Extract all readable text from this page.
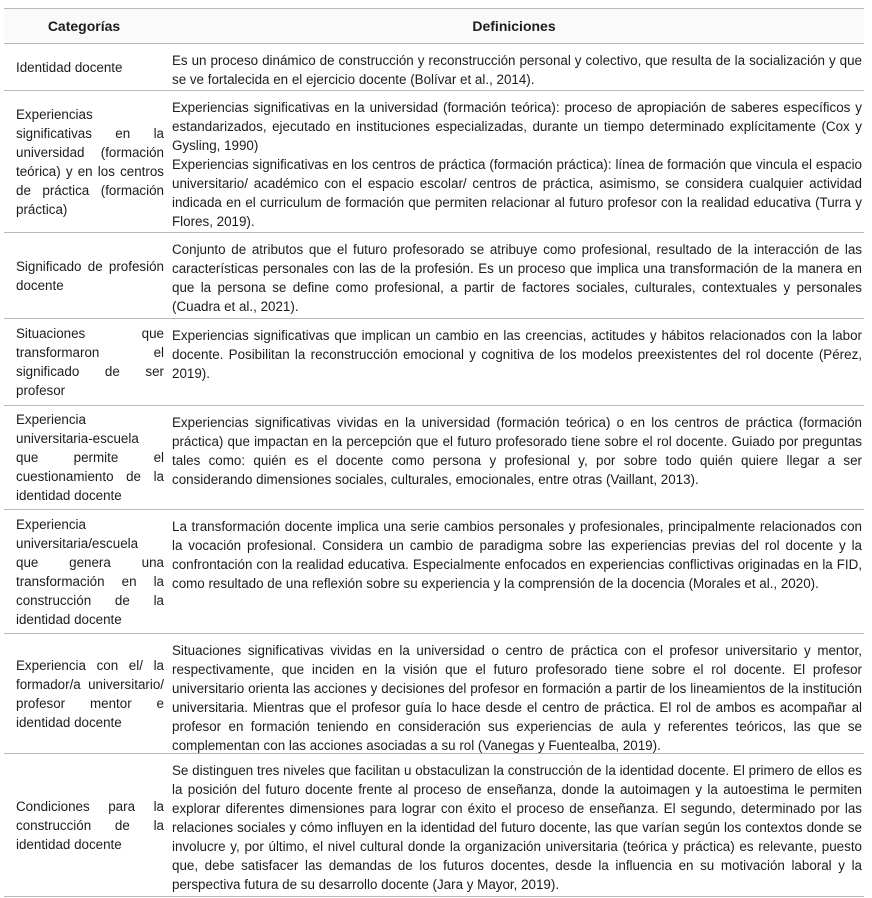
Categorías	Definiciones
Identidad docente	Es un proceso dinámico de construcción y reconstrucción personal y colectivo, que resulta de la socialización y que se ve fortalecida en el ejercicio docente (Bolívar et al., 2014).

Experiencias significativas en la universidad (formación teórica) y en los centros de práctica (formación práctica)

Experiencias significativas en la universidad (formación teórica): proceso de apropiación de saberes específicos y estandarizados, ejecutado en instituciones especializadas, durante un tiempo determinado explícitamente (Cox y Gysling, 1990)

Experiencias significativas en los centros de práctica (formación práctica): línea de formación que vincula el espacio universitario/ académico con el espacio escolar/ centros de práctica, asimismo, se considera cualquier actividad indicada en el curriculum de formación que permiten relacionar al futuro profesor con la realidad educativa (Turra y Flores, 2019).

Significado de profesión docente

Conjunto de atributos que el futuro profesorado se atribuye como profesional, resultado de la interacción de las características personales con las de la profesión. Es un proceso que implica una transformación de la manera en que la persona se define como profesional, a partir de factores sociales, culturales, contextuales y personales (Cuadra et al., 2021).

Situaciones que transformaron el significado de ser profesor

Experiencias significativas que implican un cambio en las creencias, actitudes y hábitos relacionados con la labor docente. Posibilitan la reconstrucción emocional y cognitiva de los modelos preexistentes del rol docente (Pérez, 2019).

Experiencia universitaria-escuela que permite el cuestionamiento de la identidad docente

Experiencias significativas vividas en la universidad (formación teórica) o en los centros de práctica (formación práctica) que impactan en la percepción que el futuro profesorado tiene sobre el rol docente. Guiado por preguntas tales como: quién es el docente como persona y profesional y, por sobre todo quién quiere llegar a ser considerando dimensiones sociales, culturales, emocionales, entre otras (Vaillant, 2013).

Experiencia universitaria/escuela que genera una transformación en la construcción de la identidad docente

La transformación docente implica una serie cambios personales y profesionales, principalmente relacionados con la vocación profesional. Considera un cambio de paradigma sobre las experiencias previas del rol docente y la confrontación con la realidad educativa. Especialmente enfocados en experiencias conflictivas originadas en la FID, como resultado de una reflexión sobre su experiencia y la comprensión de la docencia (Morales et al., 2020).

Experiencia con el/ la formador/a universitario/ profesor mentor e identidad docente

Situaciones significativas vividas en la universidad o centro de práctica con el profesor universitario y mentor, respectivamente, que inciden en la visión que el futuro profesorado tiene sobre el rol docente. El profesor universitario orienta las acciones y decisiones del profesor en formación a partir de los lineamientos de la institución universitaria. Mientras que el profesor guía lo hace desde el centro de práctica. El rol de ambos es acompañar al profesor en formación teniendo en consideración sus experiencias de aula y referentes teóricos, las que se complementan con las acciones asociadas a su rol (Vanegas y Fuentealba, 2019).

Condiciones para la construcción de la identidad docente

Se distinguen tres niveles que facilitan u obstaculizan la construcción de la identidad docente. El primero de ellos es la posición del futuro docente frente al proceso de enseñanza, donde la autoimagen y la autoestima le permiten explorar diferentes dimensiones para lograr con éxito el proceso de enseñanza. El segundo, determinado por las relaciones sociales y cómo influyen en la identidad del futuro docente, las que varían según los contextos donde se involucre y, por último, el nivel cultural donde la organización universitaria (teórica y práctica) es relevante, puesto que, debe satisfacer las demandas de los futuros docentes, desde la influencia en su motivación laboral y la perspectiva futura de su desarrollo docente (Jara y Mayor, 2019).
